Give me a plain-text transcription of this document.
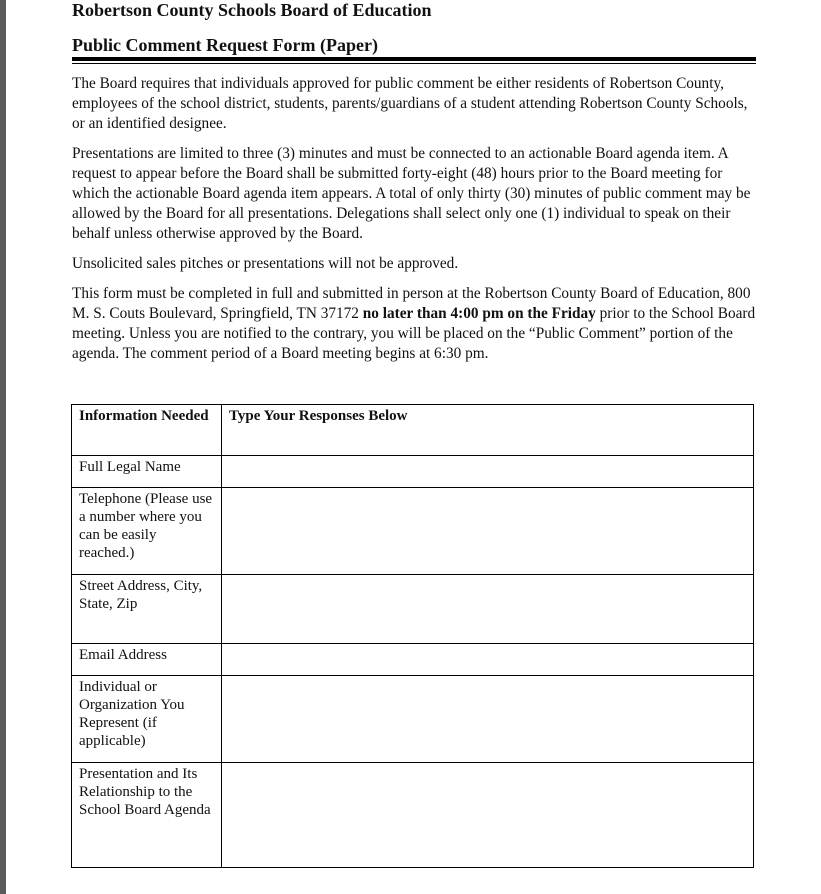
Robertson County Schools Board of Education
Public Comment Request Form (Paper)

The Board requires that individuals approved for public comment be either residents of Robertson County, employees of the school district, students, parents/guardians of a student attending Robertson County Schools, or an identified designee.

Presentations are limited to three (3) minutes and must be connected to an actionable Board agenda item. A request to appear before the Board shall be submitted forty-eight (48) hours prior to the Board meeting for which the actionable Board agenda item appears. A total of only thirty (30) minutes of public comment may be allowed by the Board for all presentations. Delegations shall select only one (1) individual to speak on their behalf unless otherwise approved by the Board.

Unsolicited sales pitches or presentations will not be approved.

This form must be completed in full and submitted in person at the Robertson County Board of Education, 800 M. S. Couts Boulevard, Springfield, TN 37172 no later than 4:00 pm on the Friday prior to the School Board meeting. Unless you are notified to the contrary, you will be placed on the “Public Comment” portion of the agenda. The comment period of a Board meeting begins at 6:30 pm.

Information Needed	Type Your Responses Below
Full Legal Name	
Telephone (Please use a number where you can be easily reached.)	
Street Address, City, State, Zip	
Email Address	
Individual or Organization You Represent (if applicable)	
Presentation and Its Relationship to the School Board Agenda	
